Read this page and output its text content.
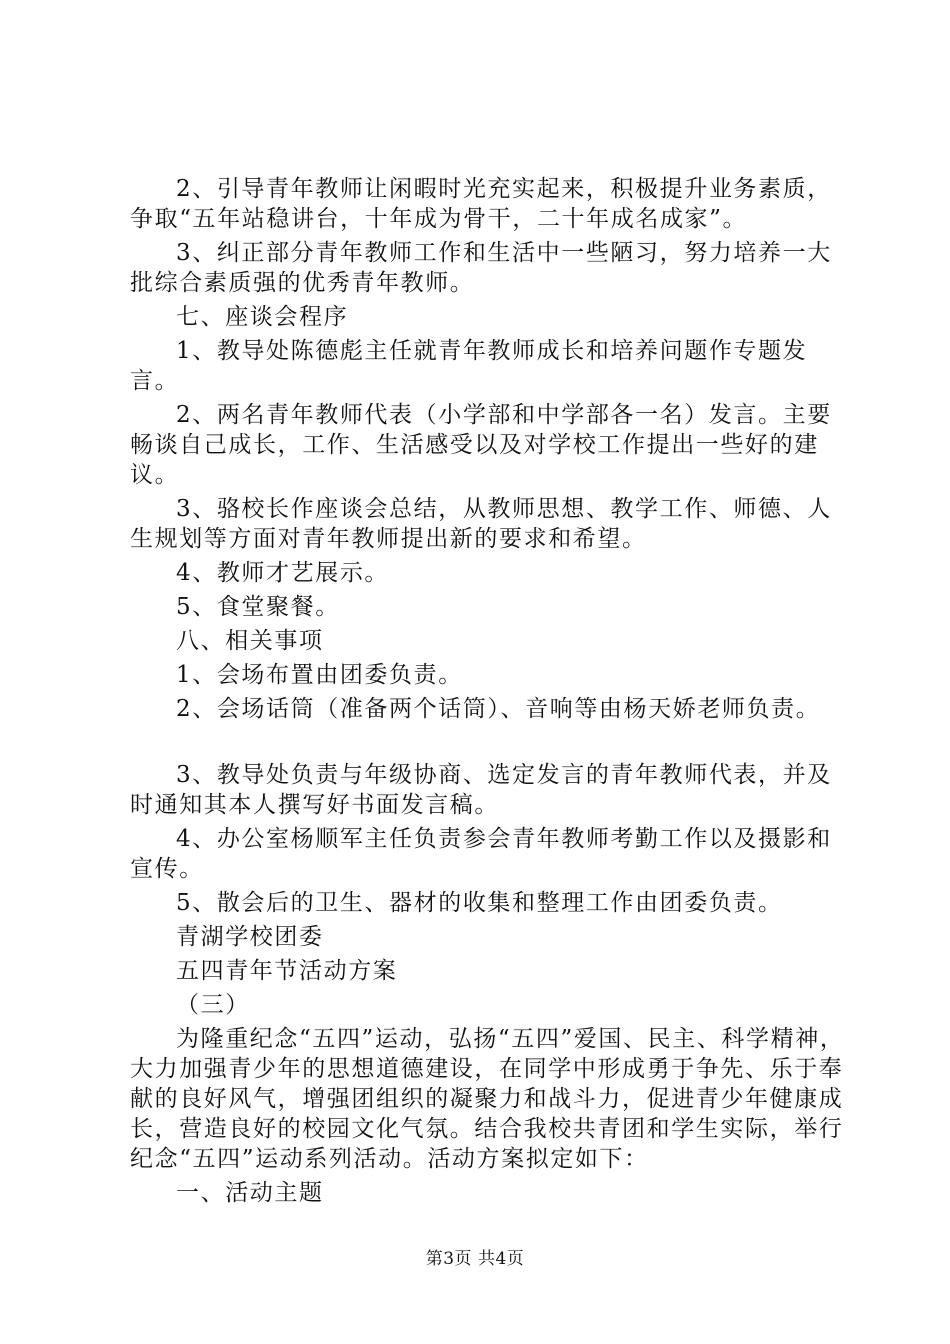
2、引导青年教师让闲暇时光充实起来，积极提升业务素质，争取“五年站稳讲台，十年成为骨干，二十年成名成家”。

3、纠正部分青年教师工作和生活中一些陋习，努力培养一大批综合素质强的优秀青年教师。

七、座谈会程序

1、教导处陈德彪主任就青年教师成长和培养问题作专题发言。

2、两名青年教师代表（小学部和中学部各一名）发言。主要畅谈自己成长，工作、生活感受以及对学校工作提出一些好的建议。

3、骆校长作座谈会总结，从教师思想、教学工作、师德、人生规划等方面对青年教师提出新的要求和希望。

4、教师才艺展示。

5、食堂聚餐。

八、相关事项

1、会场布置由团委负责。

2、会场话筒（准备两个话筒）、音响等由杨天娇老师负责。

3、教导处负责与年级协商、选定发言的青年教师代表，并及时通知其本人撰写好书面发言稿。

4、办公室杨顺军主任负责参会青年教师考勤工作以及摄影和宣传。

5、散会后的卫生、器材的收集和整理工作由团委负责。

青湖学校团委

五四青年节活动方案

（三）

为隆重纪念“五四”运动，弘扬“五四”爱国、民主、科学精神，大力加强青少年的思想道德建设，在同学中形成勇于争先、乐于奉献的良好风气，增强团组织的凝聚力和战斗力，促进青少年健康成长，营造良好的校园文化气氛。结合我校共青团和学生实际，举行纪念“五四”运动系列活动。活动方案拟定如下：

一、活动主题

第3页 共4页
